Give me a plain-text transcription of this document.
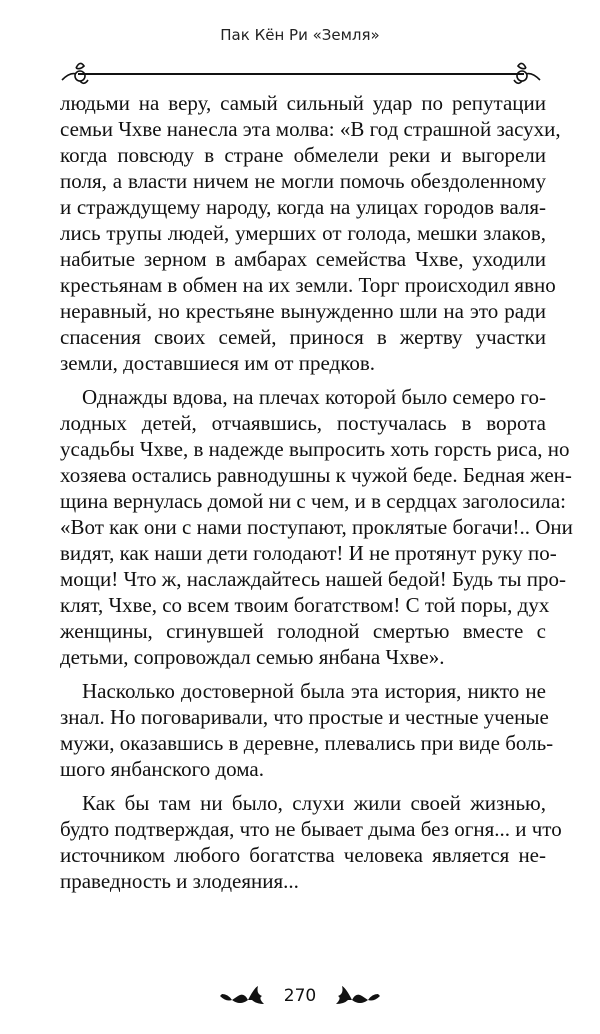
Пак Кён Ри «Земля»
людьми на веру, самый сильный удар по репутации
семьи Чхве нанесла эта молва: «В год страшной засухи,
когда повсюду в стране обмелели реки и выгорели
поля, а власти ничем не могли помочь обездоленному
и страждущему народу, когда на улицах городов валя-
лись трупы людей, умерших от голода, мешки злаков,
набитые зерном в амбарах семейства Чхве, уходили
крестьянам в обмен на их земли. Торг происходил явно
неравный, но крестьяне вынужденно шли на это ради
спасения своих семей, принося в жертву участки
земли, доставшиеся им от предков.
Однажды вдова, на плечах которой было семеро го-
лодных детей, отчаявшись, постучалась в ворота
усадьбы Чхве, в надежде выпросить хоть горсть риса, но
хозяева остались равнодушны к чужой беде. Бедная жен-
щина вернулась домой ни с чем, и в сердцах заголосила:
«Вот как они с нами поступают, проклятые богачи!.. Они
видят, как наши дети голодают! И не протянут руку по-
мощи! Что ж, наслаждайтесь нашей бедой! Будь ты про-
клят, Чхве, со всем твоим богатством! С той поры, дух
женщины, сгинувшей голодной смертью вместе с
детьми, сопровождал семью янбана Чхве».
Насколько достоверной была эта история, никто не
знал. Но поговаривали, что простые и честные ученые
мужи, оказавшись в деревне, плевались при виде боль-
шого янбанского дома.
Как бы там ни было, слухи жили своей жизнью,
будто подтверждая, что не бывает дыма без огня... и что
источником любого богатства человека является не-
праведность и злодеяния...
270
